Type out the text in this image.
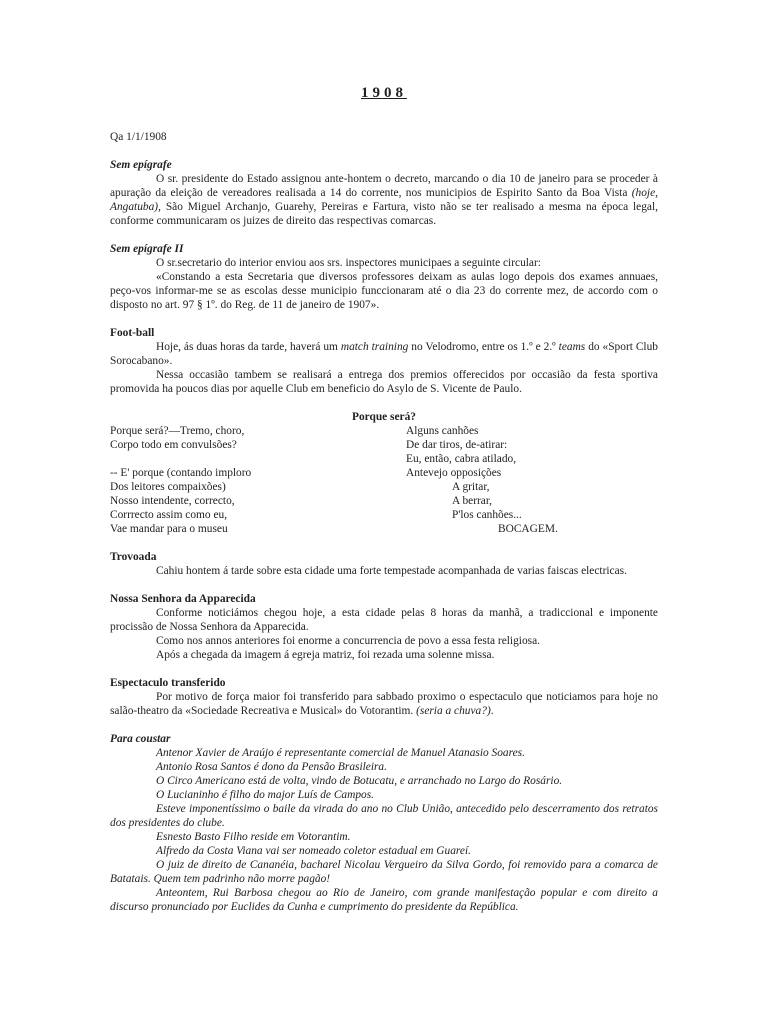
1908

Qa 1/1/1908

Sem epígrafe

O sr. presidente do Estado assignou ante-hontem o decreto, marcando o dia 10 de janeiro para se proceder à apuração da eleição de vereadores realisada a 14 do corrente, nos municipios de Espirito Santo da Boa Vista (hoje, Angatuba), São Miguel Archanjo, Guarehy, Pereiras e Fartura, visto não se ter realisado a mesma na época legal, conforme communicaram os juizes de direito das respectivas comarcas.

Sem epígrafe II

O sr.secretario do interior enviou aos srs. inspectores municipaes a seguinte circular:

«Constando a esta Secretaria que diversos professores deixam as aulas logo depois dos exames annuaes, peço-vos informar-me se as escolas desse municipio funccionaram até o dia 23 do corrente mez, de accordo com o disposto no art. 97 § 1º. do Reg. de 11 de janeiro de 1907».

Foot-ball

Hoje, ás duas horas da tarde, haverá um match training no Velodromo, entre os 1.º e 2.º teams do «Sport Club Sorocabano».

Nessa occasião tambem se realisará a entrega dos premios offerecidos por occasião da festa sportiva promovida ha poucos dias por aquelle Club em beneficio do Asylo de S. Vicente de Paulo.

Porque será?

Porque será?—Tremo, choro,
Corpo todo em convulsões?
-- E' porque (contando imploro
Dos leitores compaixões)
Nosso intendente, correcto,
Corrrecto assim como eu,
Vae mandar para o museu
Alguns canhões
De dar tiros, de-atirar:
Eu, então, cabra atilado,
Antevejo opposições
A gritar,
A berrar,
P'los canhões...
BOCAGEM.

Trovoada

Cahiu hontem á tarde sobre esta cidade uma forte tempestade acompanhada de varias faiscas electricas.

Nossa Senhora da Apparecida

Conforme noticiámos chegou hoje, a esta cidade pelas 8 horas da manhã, a tradiccional e imponente procissão de Nossa Senhora da Apparecida.

Como nos annos anteriores foi enorme a concurrencia de povo a essa festa religiosa.

Após a chegada da imagem á egreja matriz, foi rezada uma solenne missa.

Espectaculo transferido

Por motivo de força maior foi transferido para sabbado proximo o espectaculo que noticiamos para hoje no salão-theatro da «Sociedade Recreativa e Musical» do Votorantim. (seria a chuva?).

Para coustar

Antenor Xavier de Araújo é representante comercial de Manuel Atanasio Soares.

Antonio Rosa Santos é dono da Pensão Brasileira.

O Circo Americano está de volta, vindo de Botucatu, e arranchado no Largo do Rosário.

O Lucianinho é filho do major Luís de Campos.

Esteve imponentíssimo o baile da virada do ano no Club União, antecedido pelo descerramento dos retratos dos presidentes do clube.

Esnesto Basto Filho reside em Votorantim.

Alfredo da Costa Viana vai ser nomeado coletor estadual em Guareí.

O juiz de direito de Cananéia, bacharel Nicolau Vergueiro da Silva Gordo, foi removido para a comarca de Batatais. Quem tem padrinho não morre pagão!

Anteontem, Rui Barbosa chegou ao Rio de Janeiro, com grande manifestação popular e com direito a discurso pronunciado por Euclides da Cunha e cumprimento do presidente da República.
